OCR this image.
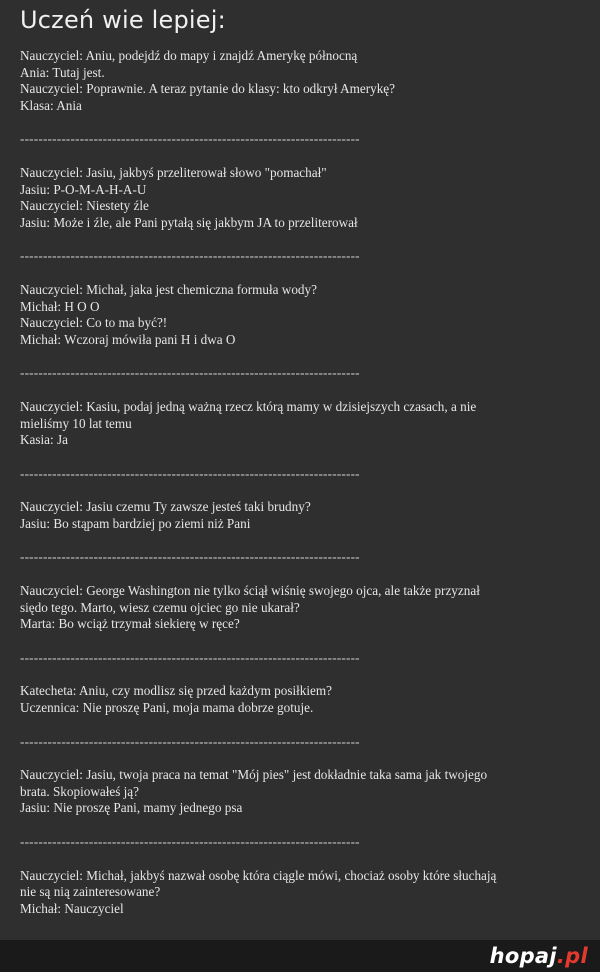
Uczeń wie lepiej:
Nauczyciel: Aniu, podejdź do mapy i znajdź Amerykę północną
Ania: Tutaj jest.
Nauczyciel: Poprawnie. A teraz pytanie do klasy: kto odkrył Amerykę?
Klasa: Ania
--------------------------------------------------------------------------
Nauczyciel: Jasiu, jakbyś przeliterował słowo "pomachał"
Jasiu: P-O-M-A-H-A-U
Nauczyciel: Niestety źle
Jasiu: Może i źle, ale Pani pytałą się jakbym JA to przeliterował
--------------------------------------------------------------------------
Nauczyciel: Michał, jaka jest chemiczna formuła wody?
Michał: H O O
Nauczyciel: Co to ma być?!
Michał: Wczoraj mówiła pani H i dwa O
--------------------------------------------------------------------------
Nauczyciel: Kasiu, podaj jedną ważną rzecz którą mamy w dzisiejszych czasach, a nie
mieliśmy 10 lat temu
Kasia: Ja
--------------------------------------------------------------------------
Nauczyciel: Jasiu czemu Ty zawsze jesteś taki brudny?
Jasiu: Bo stąpam bardziej po ziemi niż Pani
--------------------------------------------------------------------------
Nauczyciel: George Washington nie tylko ściął wiśnię swojego ojca, ale także przyznał
siędo tego. Marto, wiesz czemu ojciec go nie ukarał?
Marta: Bo wciąż trzymał siekierę w ręce?
--------------------------------------------------------------------------
Katecheta: Aniu, czy modlisz się przed każdym posiłkiem?
Uczennica: Nie proszę Pani, moja mama dobrze gotuje.
--------------------------------------------------------------------------
Nauczyciel: Jasiu, twoja praca na temat "Mój pies" jest dokładnie taka sama jak twojego
brata. Skopiowałeś ją?
Jasiu: Nie proszę Pani, mamy jednego psa
--------------------------------------------------------------------------
Nauczyciel: Michał, jakbyś nazwał osobę która ciągle mówi, chociaż osoby które słuchają
nie są nią zainteresowane?
Michał: Nauczyciel
hopaj.pl
